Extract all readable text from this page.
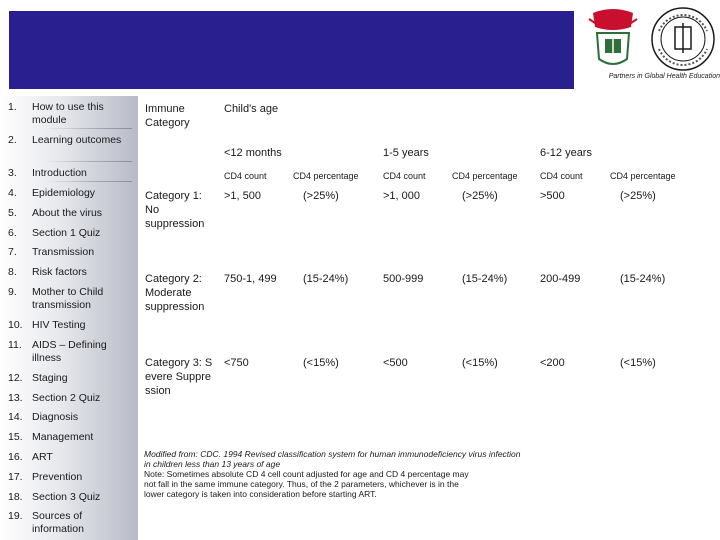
Partners in Global Health Education
1.	How to use this module
2.	Learning outcomes
3.	Introduction
4.	Epidemiology
5.	About the virus
6.	Section 1 Quiz
7.	Transmission
8.	Risk factors
9.	Mother to Child transmission
10. HIV Testing
11. AIDS – Defining illness
12. Staging
13. Section 2 Quiz
14. Diagnosis
15. Management
16. ART
17. Prevention
18. Section 3 Quiz
19. Sources of information
Immune Category
Child's age
<12 months	1-5 years	6-12 years
CD4 count	CD4 percentage	CD4 count	CD4 percentage CD4 count	CD4 percentage
Category 1: No suppression
>1, 500	(>25%)	>1, 000	(>25%)	>500	(>25%)
Category 2: Moderate suppression
750-1, 499 (15-24%)	500-999	(15-24%)	200-499	(15-24%)
Category 3: Severe Suppression
<750	(<15%)	<500	(<15%)	<200	(<15%)
Modified from: CDC. 1994 Revised classification system for human immunodeficiency virus infection
in children less than 13 years of age
Note: Sometimes absolute CD 4 cell count adjusted for age and CD 4 percentage may
not fall in the same immune category. Thus, of the 2 parameters, whichever is in the
lower category is taken into consideration before starting ART.
